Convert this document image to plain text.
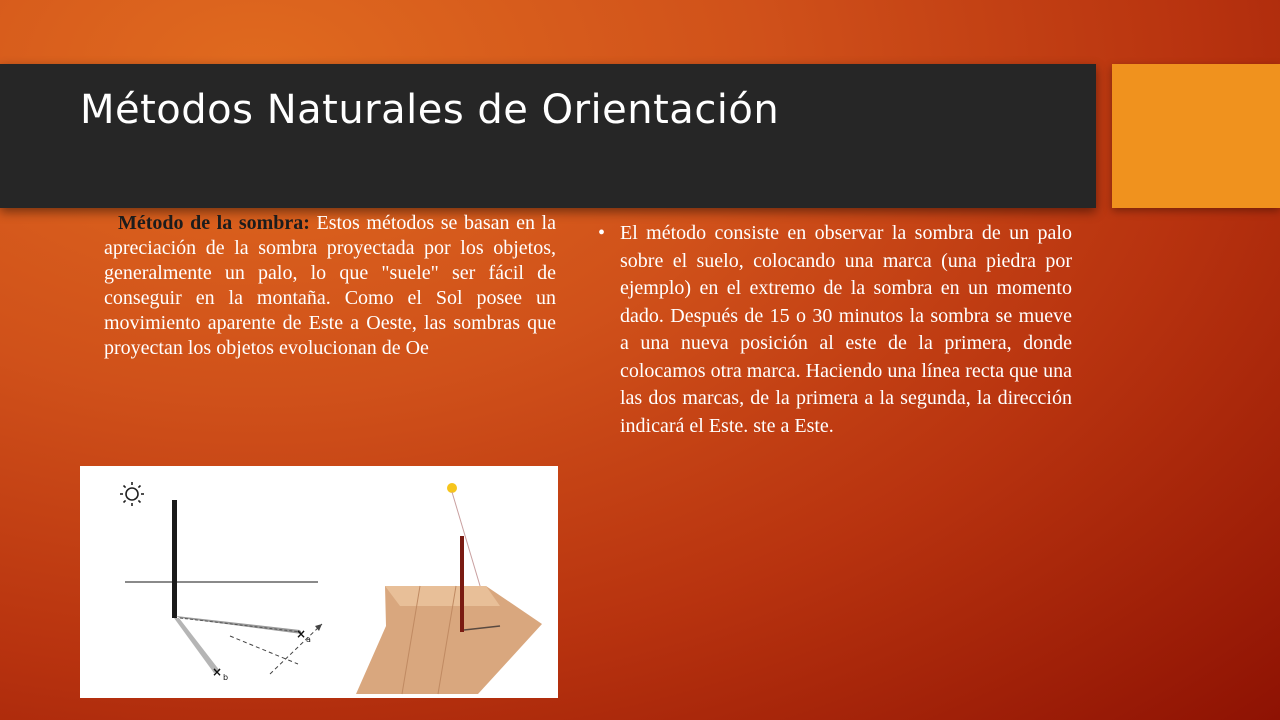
Métodos Naturales de Orientación
Método de la sombra: Estos métodos se basan en la apreciación de la sombra proyectada por los objetos, generalmente un palo, lo que "suele" ser fácil de conseguir en la montaña. Como el Sol posee un movimiento aparente de Este a Oeste, las sombras que proyectan los objetos evolucionan de Oe
• El método consiste en observar la sombra de un palo sobre el suelo, colocando una marca (una piedra por ejemplo) en el extremo de la sombra en un momento dado. Después de 15 o 30 minutos la sombra se mueve a una nueva posición al este de la primera, donde colocamos otra marca. Haciendo una línea recta que una las dos marcas, de la primera a la segunda, la dirección indicará el Este. ste a Este.
× a
× b
